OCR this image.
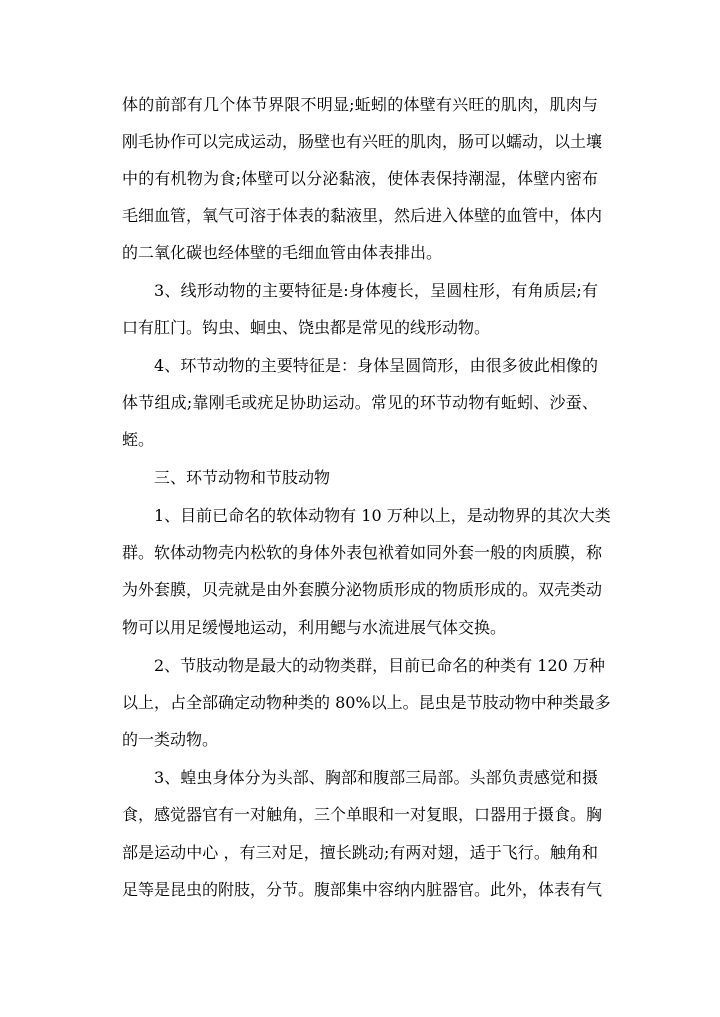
体的前部有几个体节界限不明显;蚯蚓的体壁有兴旺的肌肉，肌肉与
刚毛协作可以完成运动，肠壁也有兴旺的肌肉，肠可以蠕动，以土壤
中的有机物为食;体壁可以分泌黏液，使体表保持潮湿，体壁内密布
毛细血管，氧气可溶于体表的黏液里，然后进入体壁的血管中，体内
的二氧化碳也经体壁的毛细血管由体表排出。
3、线形动物的主要特征是:身体瘦长，呈圆柱形，有角质层;有
口有肛门。钩虫、蛔虫、饶虫都是常见的线形动物。
4、环节动物的主要特征是：身体呈圆筒形，由很多彼此相像的
体节组成;靠刚毛或疣足协助运动。常见的环节动物有蚯蚓、沙蚕、
蛭。
三、环节动物和节肢动物
1、目前已命名的软体动物有 10 万种以上，是动物界的其次大类
群。软体动物壳内松软的身体外表包袱着如同外套一般的肉质膜，称
为外套膜，贝壳就是由外套膜分泌物质形成的物质形成的。双壳类动
物可以用足缓慢地运动，利用鳃与水流进展气体交换。
2、节肢动物是最大的动物类群，目前已命名的种类有 120 万种
以上，占全部确定动物种类的 80%以上。昆虫是节肢动物中种类最多
的一类动物。
3、蝗虫身体分为头部、胸部和腹部三局部。头部负责感觉和摄
食，感觉器官有一对触角，三个单眼和一对复眼，口器用于摄食。胸
部是运动中心 ，有三对足，擅长跳动;有两对翅，适于飞行。触角和
足等是昆虫的附肢，分节。腹部集中容纳内脏器官。此外，体表有气
